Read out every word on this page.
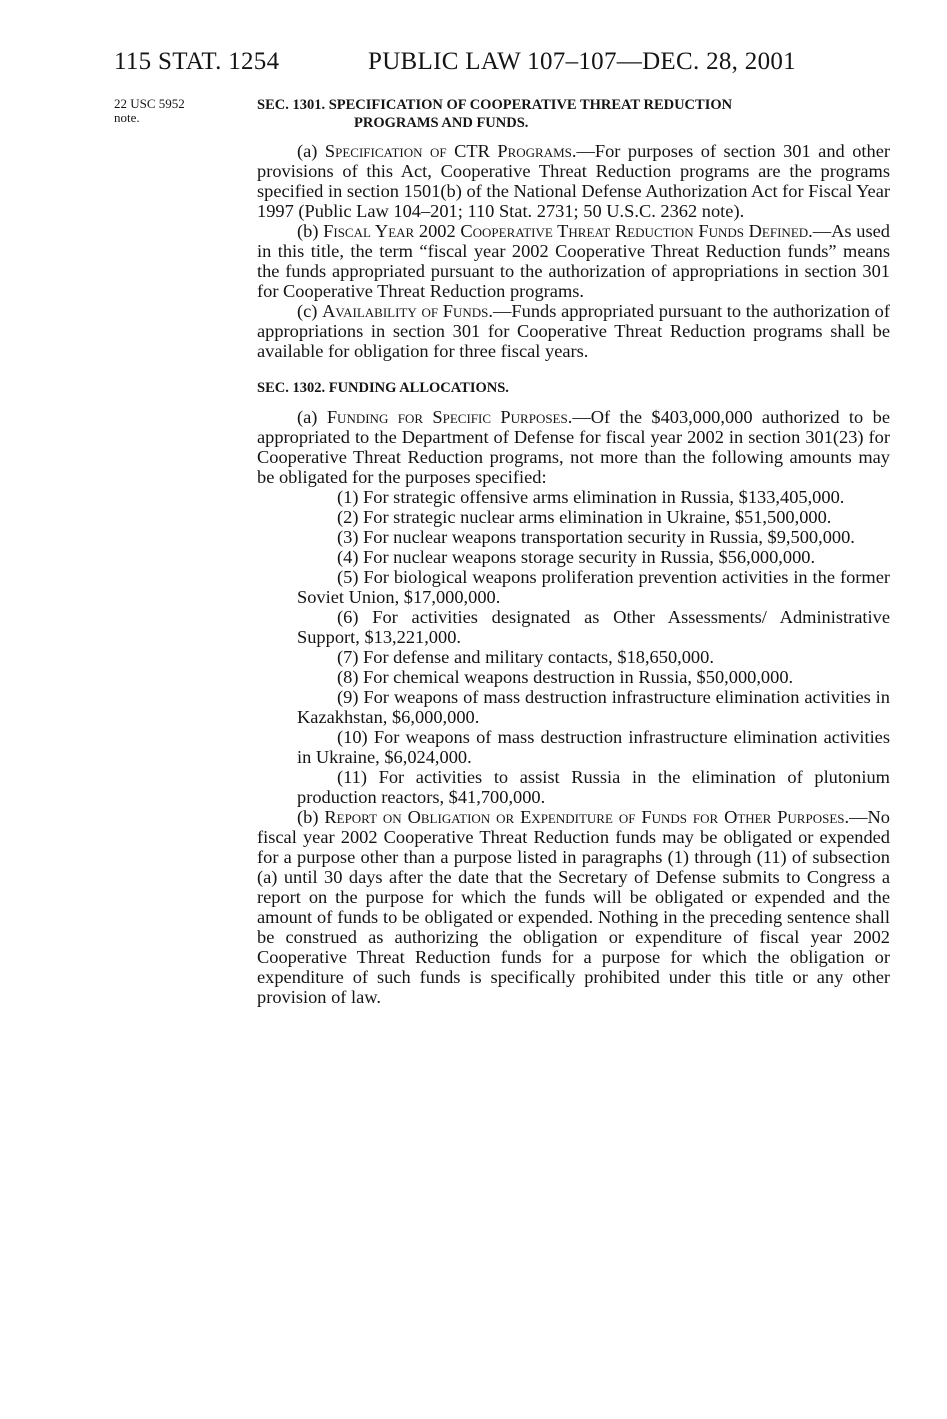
115 STAT. 1254	PUBLIC LAW 107–107—DEC. 28, 2001
22 USC 5952
note.
SEC. 1301. SPECIFICATION OF COOPERATIVE THREAT REDUCTION
PROGRAMS AND FUNDS.

(a) Specification of CTR Programs.—For purposes of section 301 and other provisions of this Act, Cooperative Threat Reduction programs are the programs specified in section 1501(b) of the National Defense Authorization Act for Fiscal Year 1997 (Public Law 104–201; 110 Stat. 2731; 50 U.S.C. 2362 note).

(b) Fiscal Year 2002 Cooperative Threat Reduction Funds Defined.—As used in this title, the term “fiscal year 2002 Cooperative Threat Reduction funds” means the funds appropriated pursuant to the authorization of appropriations in section 301 for Cooperative Threat Reduction programs.

(c) Availability of Funds.—Funds appropriated pursuant to the authorization of appropriations in section 301 for Cooperative Threat Reduction programs shall be available for obligation for three fiscal years.

SEC. 1302. FUNDING ALLOCATIONS.

(a) Funding for Specific Purposes.—Of the $403,000,000 authorized to be appropriated to the Department of Defense for fiscal year 2002 in section 301(23) for Cooperative Threat Reduction programs, not more than the following amounts may be obligated for the purposes specified:

(1) For strategic offensive arms elimination in Russia, $133,405,000.

(2) For strategic nuclear arms elimination in Ukraine, $51,500,000.

(3) For nuclear weapons transportation security in Russia, $9,500,000.

(4) For nuclear weapons storage security in Russia, $56,000,000.

(5) For biological weapons proliferation prevention activities in the former Soviet Union, $17,000,000.

(6) For activities designated as Other Assessments/ Administrative Support, $13,221,000.

(7) For defense and military contacts, $18,650,000.

(8) For chemical weapons destruction in Russia, $50,000,000.

(9) For weapons of mass destruction infrastructure elimination activities in Kazakhstan, $6,000,000.

(10) For weapons of mass destruction infrastructure elimination activities in Ukraine, $6,024,000.

(11) For activities to assist Russia in the elimination of plutonium production reactors, $41,700,000.

(b) Report on Obligation or Expenditure of Funds for Other Purposes.—No fiscal year 2002 Cooperative Threat Reduction funds may be obligated or expended for a purpose other than a purpose listed in paragraphs (1) through (11) of subsection (a) until 30 days after the date that the Secretary of Defense submits to Congress a report on the purpose for which the funds will be obligated or expended and the amount of funds to be obligated or expended. Nothing in the preceding sentence shall be construed as authorizing the obligation or expenditure of fiscal year 2002 Cooperative Threat Reduction funds for a purpose for which the obligation or expenditure of such funds is specifically prohibited under this title or any other provision of law.
